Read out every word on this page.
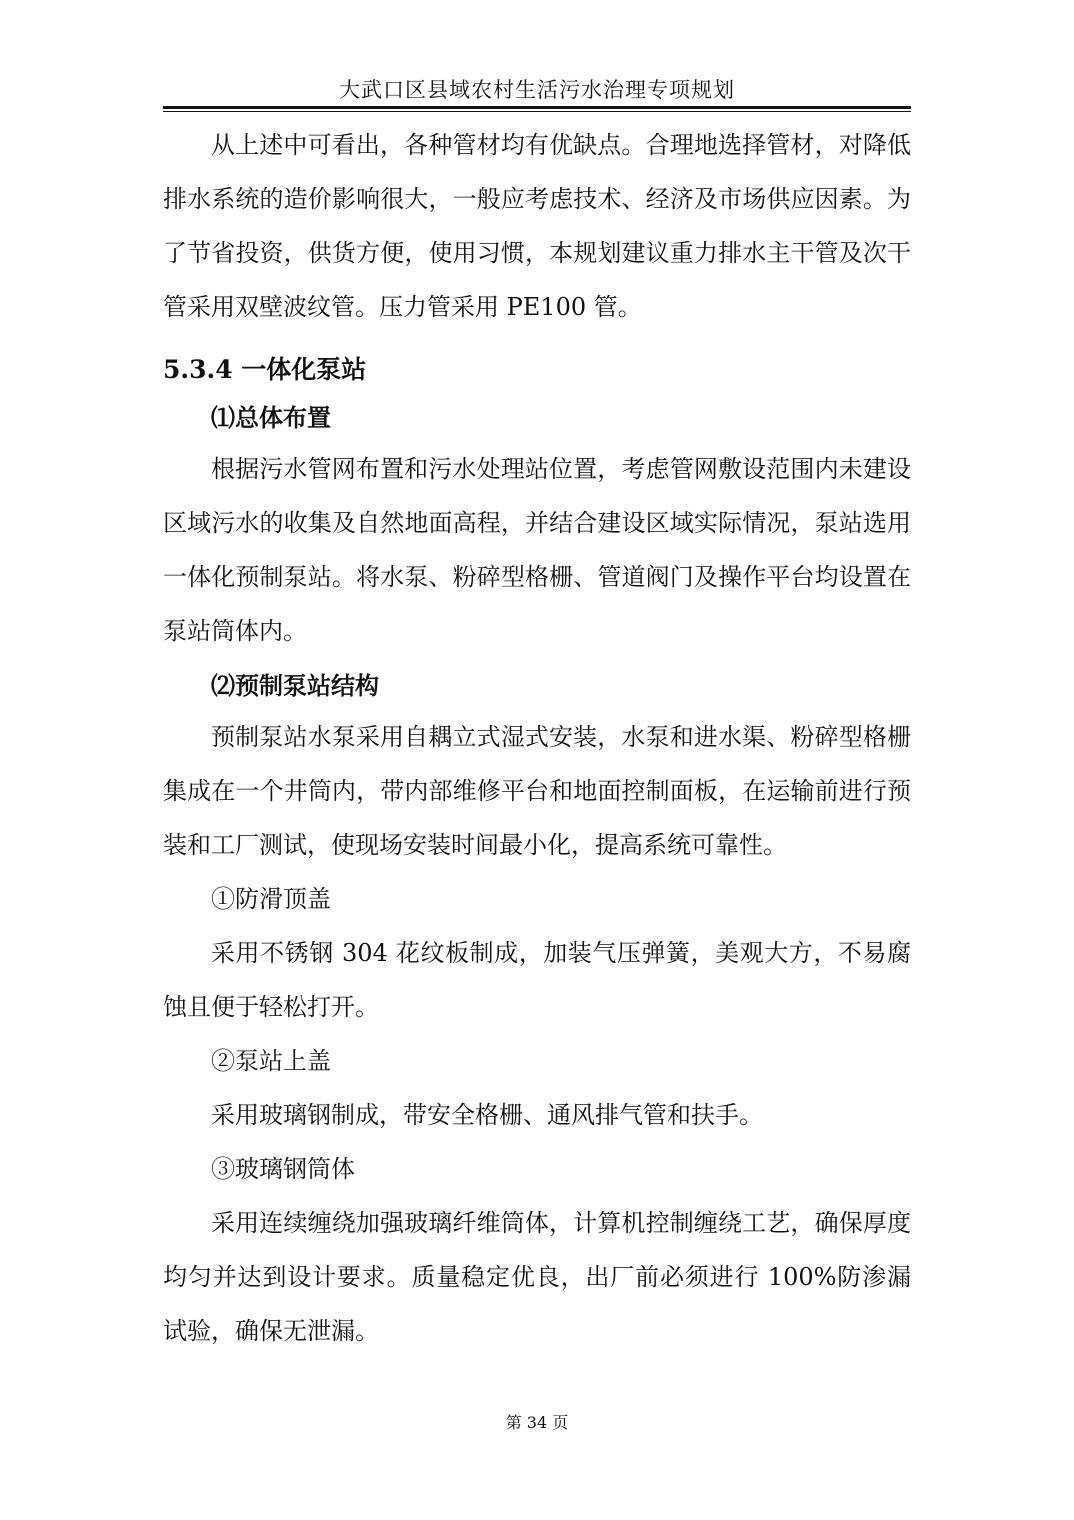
大武口区县域农村生活污水治理专项规划

从上述中可看出，各种管材均有优缺点。合理地选择管材，对降低排水系统的造价影响很大，一般应考虑技术、经济及市场供应因素。为了节省投资，供货方便，使用习惯，本规划建议重力排水主干管及次干管采用双壁波纹管。压力管采用 PE100 管。

5.3.4 一体化泵站
⑴总体布置

根据污水管网布置和污水处理站位置，考虑管网敷设范围内未建设区域污水的收集及自然地面高程，并结合建设区域实际情况，泵站选用一体化预制泵站。将水泵、粉碎型格栅、管道阀门及操作平台均设置在泵站筒体内。

⑵预制泵站结构

预制泵站水泵采用自耦立式湿式安装，水泵和进水渠、粉碎型格栅集成在一个井筒内，带内部维修平台和地面控制面板，在运输前进行预装和工厂测试，使现场安装时间最小化，提高系统可靠性。

①防滑顶盖

采用不锈钢 304 花纹板制成，加装气压弹簧，美观大方，不易腐蚀且便于轻松打开。

②泵站上盖

采用玻璃钢制成，带安全格栅、通风排气管和扶手。

③玻璃钢筒体

采用连续缠绕加强玻璃纤维筒体，计算机控制缠绕工艺，确保厚度均匀并达到设计要求。质量稳定优良，出厂前必须进行 100%防渗漏试验，确保无泄漏。

第 34 页
